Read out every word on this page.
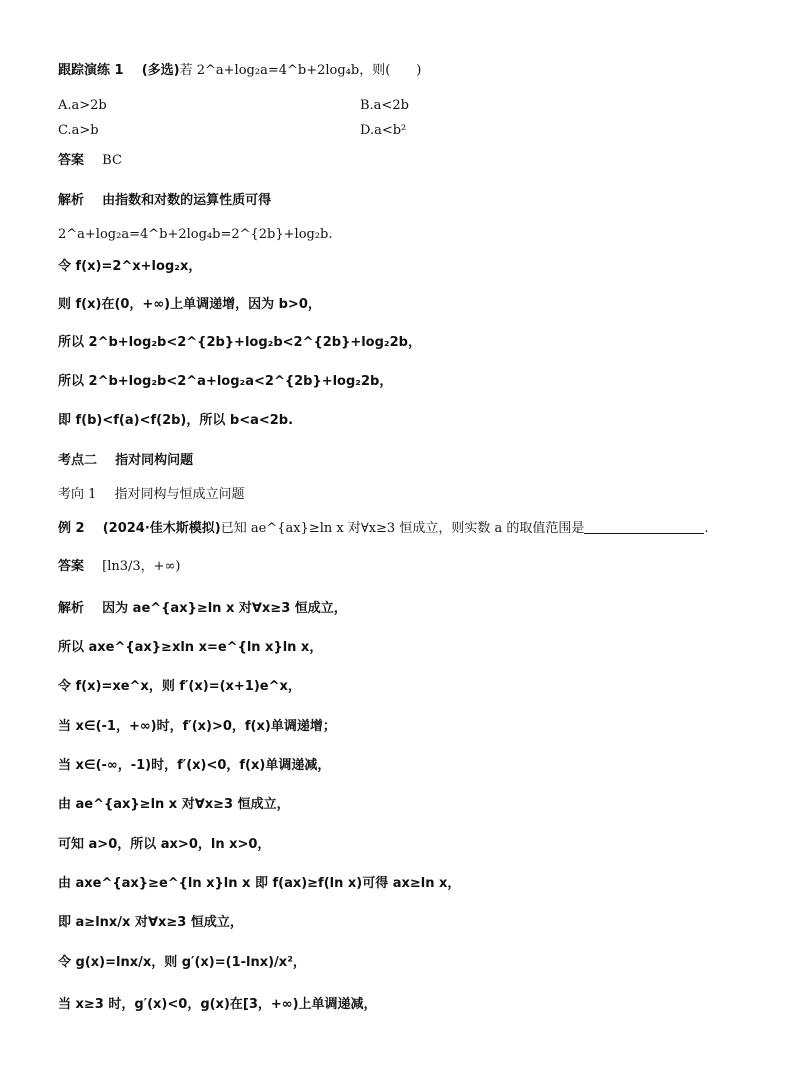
跟踪演练 1 (多选)若 2^a+log₂a=4^b+2log₄b，则(　　)
A.a>2b	B.a<2b
C.a>b	D.a<b²
答案 BC
解析 由指数和对数的运算性质可得
2^a+log₂a=4^b+2log₄b=2^{2b}+log₂b.
令 f(x)=2^x+log₂x，
则 f(x)在(0，+∞)上单调递增，因为 b>0，
所以 2^b+log₂b<2^{2b}+log₂b<2^{2b}+log₂2b，
所以 2^b+log₂b<2^a+log₂a<2^{2b}+log₂2b，
即 f(b)<f(a)<f(2b)，所以 b<a<2b.
考点二 指对同构问题
考向 1 指对同构与恒成立问题
例 2 (2024·佳木斯模拟)已知 ae^{ax}≥ln x 对∀x≥3 恒成立，则实数 a 的取值范围是	.
答案 [ln3/3，+∞)
解析 因为 ae^{ax}≥ln x 对∀x≥3 恒成立，
所以 axe^{ax}≥xln x=e^{ln x}ln x，
令 f(x)=xe^x，则 f′(x)=(x+1)e^x，
当 x∈(-1，+∞)时，f′(x)>0，f(x)单调递增；
当 x∈(-∞，-1)时，f′(x)<0，f(x)单调递减，
由 ae^{ax}≥ln x 对∀x≥3 恒成立，
可知 a>0，所以 ax>0，ln x>0，
由 axe^{ax}≥e^{ln x}ln x 即 f(ax)≥f(ln x)可得 ax≥ln x，
即 a≥lnx/x 对∀x≥3 恒成立，
令 g(x)=lnx/x，则 g′(x)=(1-lnx)/x²，
当 x≥3 时，g′(x)<0，g(x)在[3，+∞)上单调递减，
